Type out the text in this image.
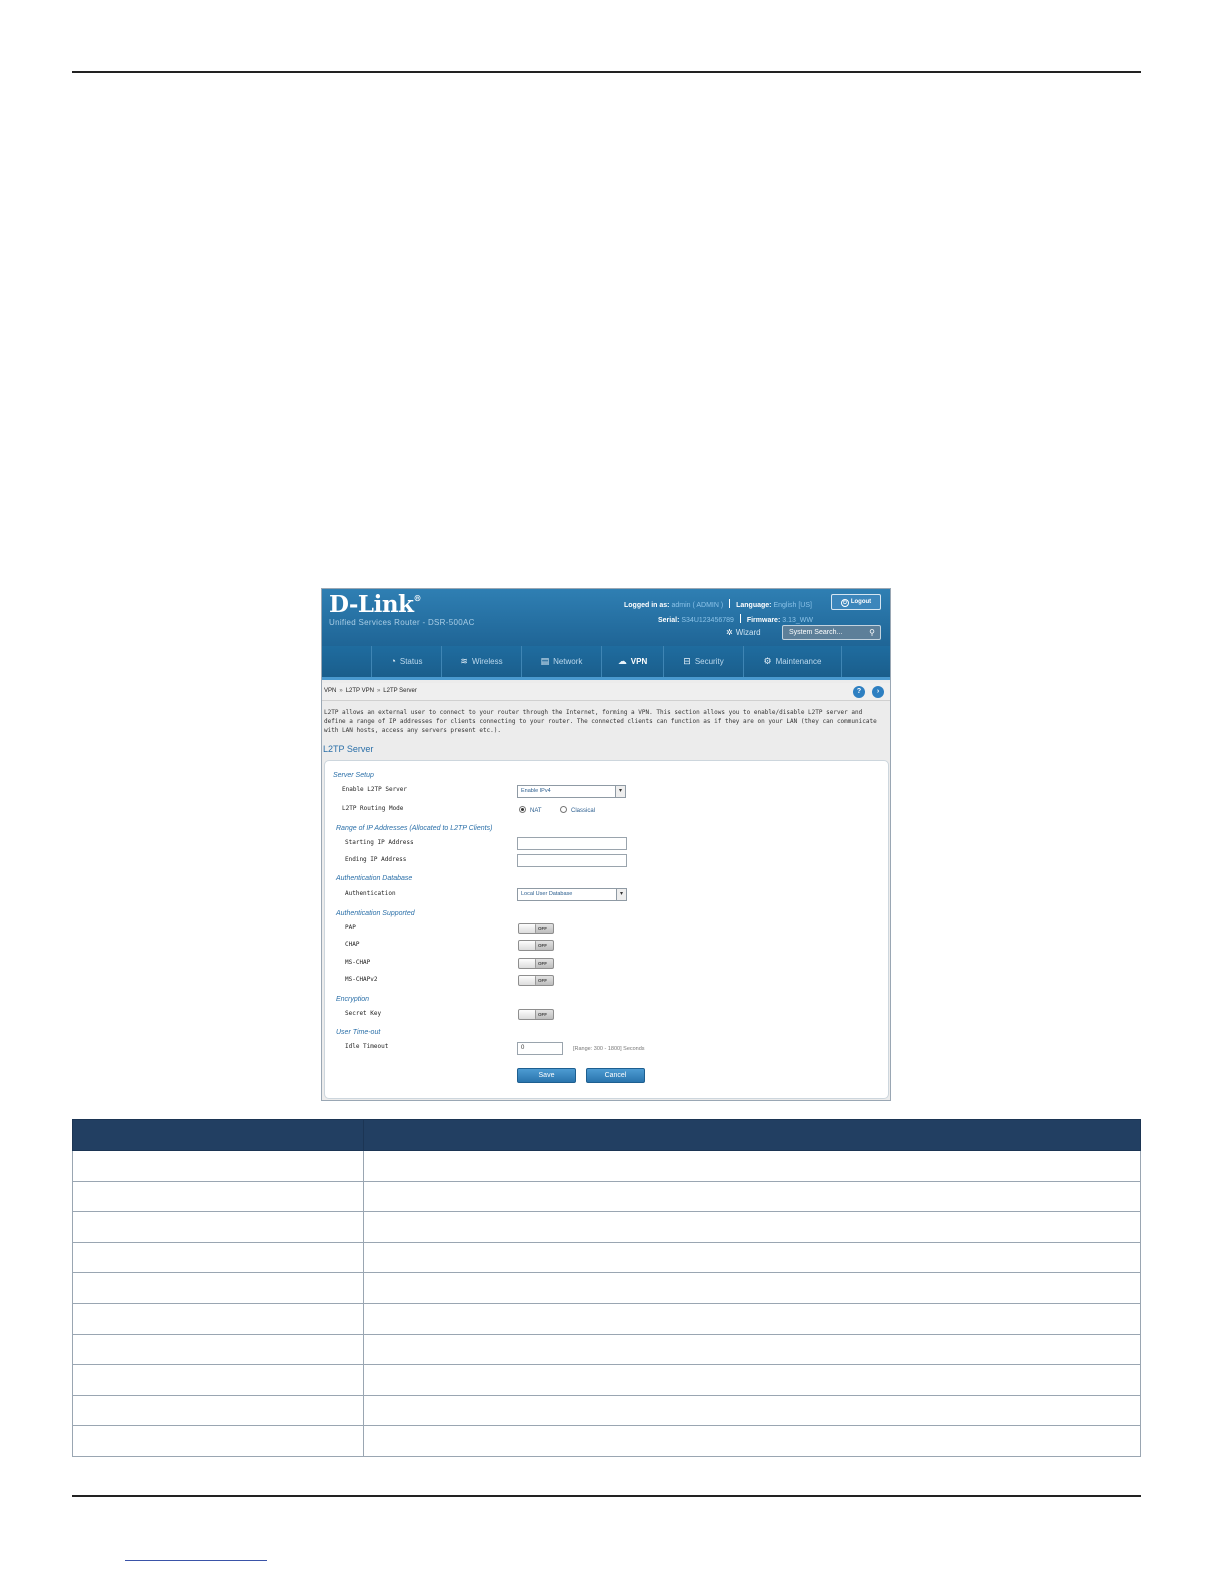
D-Link®
Unified Services Router - DSR-500AC
Logged in as: admin ( ADMIN ) Language: English [US]	⏻ Logout
Serial: S34U123456789 Firmware: 3.13_WW
✲ Wizard	System Search...	⚲
◔ Status	≋ Wireless	▤ Network	☁ VPN	⊟ Security	⚙ Maintenance
VPN » L2TP VPN » L2TP Server	?	›
L2TP allows an external user to connect to your router through the Internet, forming a VPN. This section allows you to enable/disable L2TP server and define a range of IP addresses for clients connecting to your router. The connected clients can function as if they are on your LAN (they can communicate with LAN hosts, access any servers present etc.).
L2TP Server
Server Setup
Enable L2TP Server	Enable IPv4	▾
L2TP Routing Mode	NAT	Classical
Range of IP Addresses (Allocated to L2TP Clients)
Starting IP Address
Ending IP Address
Authentication Database
Authentication	Local User Database	▾
Authentication Supported
PAP	OFF
CHAP	OFF
MS-CHAP	OFF
MS-CHAPv2	OFF
Encryption
Secret Key	OFF
User Time-out
Idle Timeout	0	[Range: 300 - 1800] Seconds
Save	Cancel
